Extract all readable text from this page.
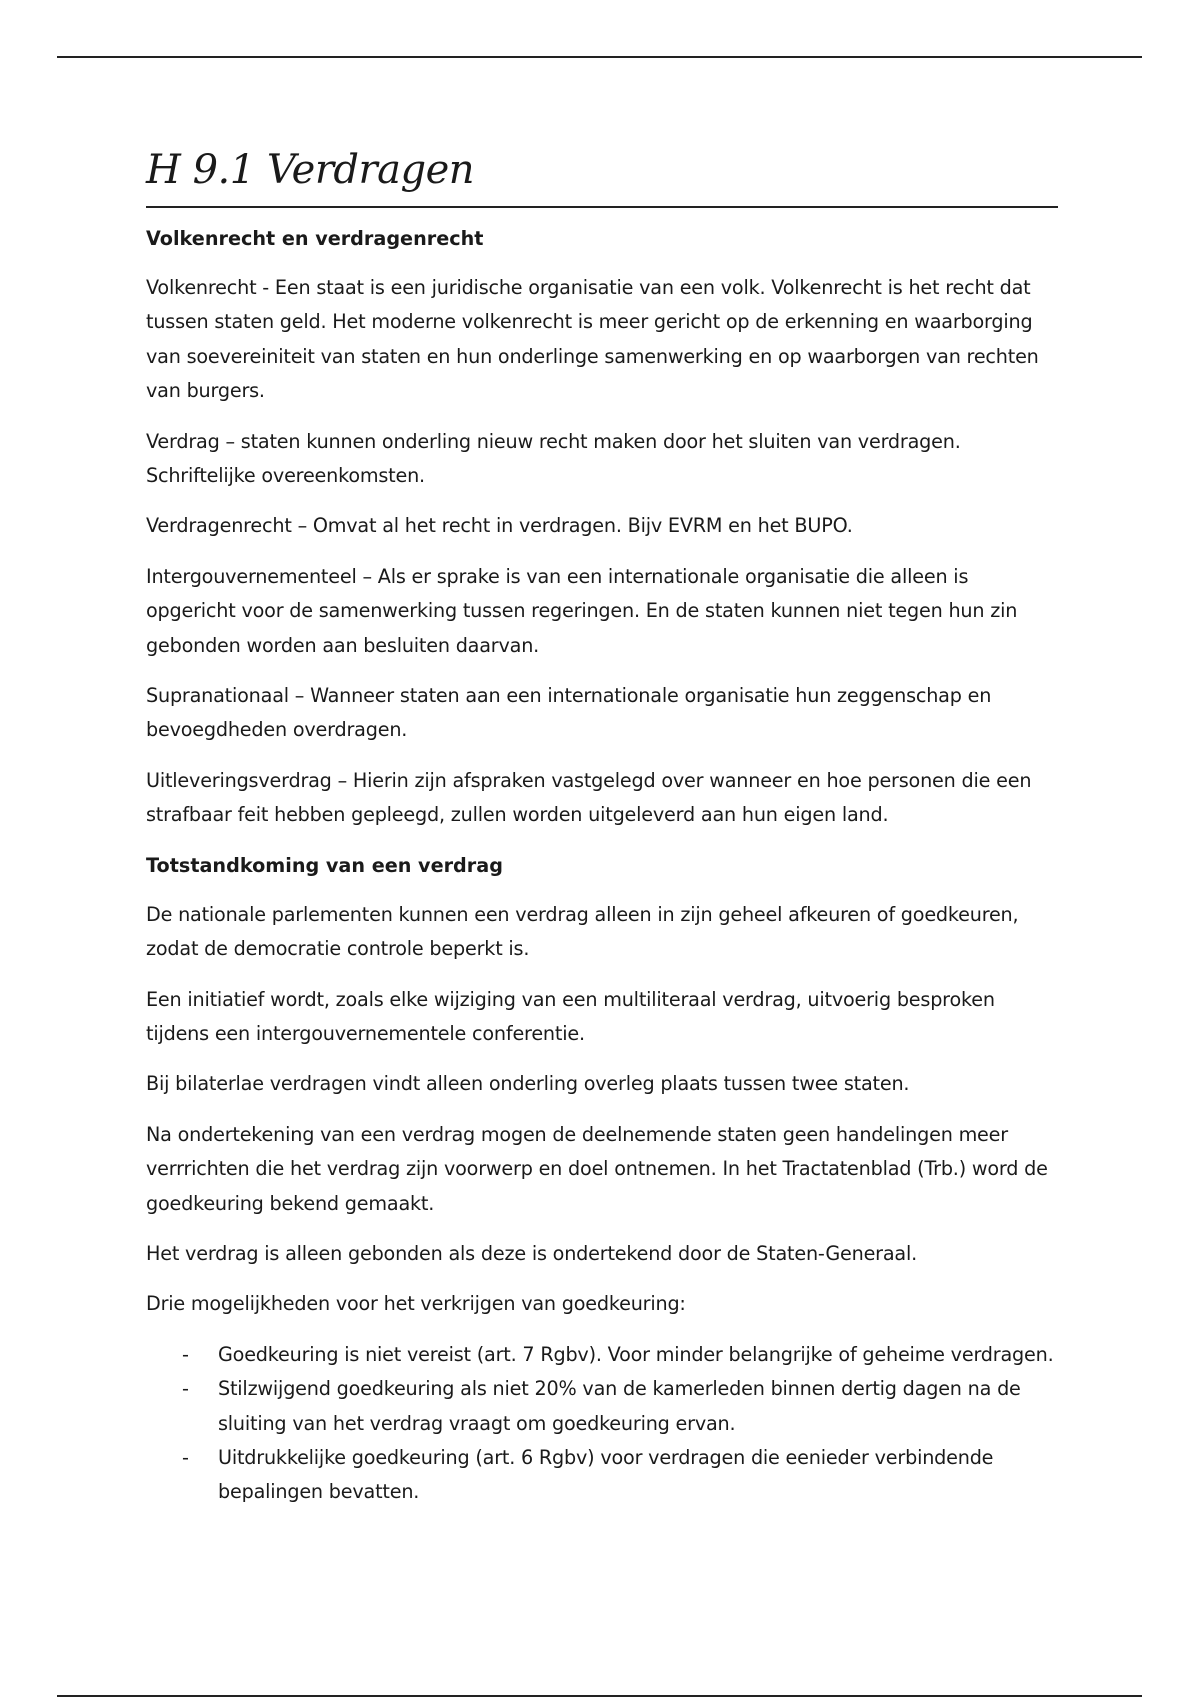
H 9.1 Verdragen
Volkenrecht en verdragenrecht

Volkenrecht - Een staat is een juridische organisatie van een volk. Volkenrecht is het recht dat tussen staten geld. Het moderne volkenrecht is meer gericht op de erkenning en waarborging van soevereiniteit van staten en hun onderlinge samenwerking en op waarborgen van rechten van burgers.

Verdrag – staten kunnen onderling nieuw recht maken door het sluiten van verdragen. Schriftelijke overeenkomsten.

Verdragenrecht – Omvat al het recht in verdragen. Bijv EVRM en het BUPO.

Intergouvernementeel – Als er sprake is van een internationale organisatie die alleen is opgericht voor de samenwerking tussen regeringen. En de staten kunnen niet tegen hun zin gebonden worden aan besluiten daarvan.

Supranationaal – Wanneer staten aan een internationale organisatie hun zeggenschap en bevoegdheden overdragen.

Uitleveringsverdrag – Hierin zijn afspraken vastgelegd over wanneer en hoe personen die een strafbaar feit hebben gepleegd, zullen worden uitgeleverd aan hun eigen land.

Totstandkoming van een verdrag

De nationale parlementen kunnen een verdrag alleen in zijn geheel afkeuren of goedkeuren, zodat de democratie controle beperkt is.

Een initiatief wordt, zoals elke wijziging van een multiliteraal verdrag, uitvoerig besproken tijdens een intergouvernementele conferentie.

Bij bilaterlae verdragen vindt alleen onderling overleg plaats tussen twee staten.

Na ondertekening van een verdrag mogen de deelnemende staten geen handelingen meer verrrichten die het verdrag zijn voorwerp en doel ontnemen. In het Tractatenblad (Trb.) word de goedkeuring bekend gemaakt.

Het verdrag is alleen gebonden als deze is ondertekend door de Staten-Generaal.

Drie mogelijkheden voor het verkrijgen van goedkeuring:

- Goedkeuring is niet vereist (art. 7 Rgbv). Voor minder belangrijke of geheime verdragen.
- Stilzwijgend goedkeuring als niet 20% van de kamerleden binnen dertig dagen na de sluiting van het verdrag vraagt om goedkeuring ervan.
- Uitdrukkelijke goedkeuring (art. 6 Rgbv) voor verdragen die eenieder verbindende bepalingen bevatten.
